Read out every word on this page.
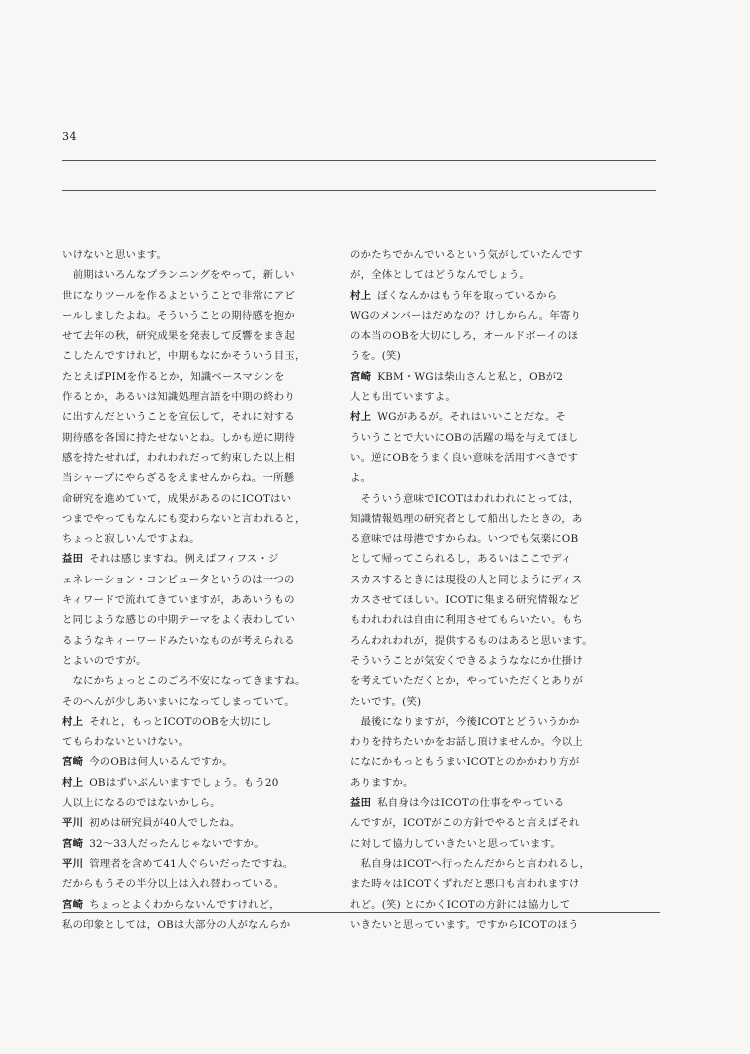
34
いけないと思います。
　前期はいろんなプランニングをやって，新しい
世になりツールを作るよということで非常にアピ
ールしましたよね。そういうことの期待感を抱か
せて去年の秋，研究成果を発表して反響をまき起
こしたんですけれど，中期もなにかそういう目玉，
たとえばPIMを作るとか，知識ベースマシンを
作るとか，あるいは知識処理言語を中期の終わり
に出すんだということを宣伝して，それに対する
期待感を各国に持たせないとね。しかも逆に期待
感を持たせれば，われわれだって約束した以上相
当シャープにやらざるをえませんからね。一所懸
命研究を進めていて，成果があるのにICOTはい
つまでやってもなんにも変わらないと言われると，
ちょっと寂しいんですよね。
益田 それは感じますね。例えばフィフス・ジ
ェネレーション・コンピュータというのは一つの
キィワードで流れてきていますが，ああいうもの
と同じような感じの中期テーマをよく表わしてい
るようなキィーワードみたいなものが考えられる
とよいのですが。
　なにかちょっとこのごろ不安になってきますね。
そのへんが少しあいまいになってしまっていて。
村上 それと，もっとICOTのOBを大切にし
てもらわないといけない。
宮崎 今のOBは何人いるんですか。
村上 OBはずいぶんいますでしょう。もう20
人以上になるのではないかしら。
平川 初めは研究員が40人でしたね。
宮崎 32～33人だったんじゃないですか。
平川 管理者を含めて41人ぐらいだったですね。
だからもうその半分以上は入れ替わっている。
宮崎 ちょっとよくわからないんですけれど，
私の印象としては，OBは大部分の人がなんらか
のかたちでかんでいるという気がしていたんです
が，全体としてはどうなんでしょう。
村上 ぼくなんかはもう年を取っているから
WGのメンバーはだめなの？けしからん。年寄り
の本当のOBを大切にしろ，オールドボーイのほ
うを。(笑)
宮崎 KBM・WGは柴山さんと私と，OBが2
人とも出ていますよ。
村上 WGがあるが。それはいいことだな。そ
ういうことで大いにOBの活躍の場を与えてほし
い。逆にOBをうまく良い意味を活用すべきです
よ。
　そういう意味でICOTはわれわれにとっては，
知識情報処理の研究者として船出したときの，あ
る意味では母港ですからね。いつでも気楽にOB
として帰ってこられるし，あるいはここでディ
スカスするときには現役の人と同じようにディス
カスさせてほしい。ICOTに集まる研究情報など
もわれわれは自由に利用させてもらいたい。もち
ろんわれわれが，提供するものはあると思います。
そういうことが気安くできるようななにか仕掛け
を考えていただくとか，やっていただくとありが
たいです。(笑)
　最後になりますが，今後ICOTとどういうかか
わりを持ちたいかをお話し頂けませんか。今以上
になにかもっともうまいICOTとのかかわり方が
ありますか。
益田 私自身は今はICOTの仕事をやっている
んですが，ICOTがこの方針でやると言えばそれ
に対して協力していきたいと思っています。
　私自身はICOTへ行ったんだからと言われるし，
また時々はICOTくずれだと悪口も言われますけ
れど。(笑) とにかくICOTの方針には協力して
いきたいと思っています。ですからICOTのほう
